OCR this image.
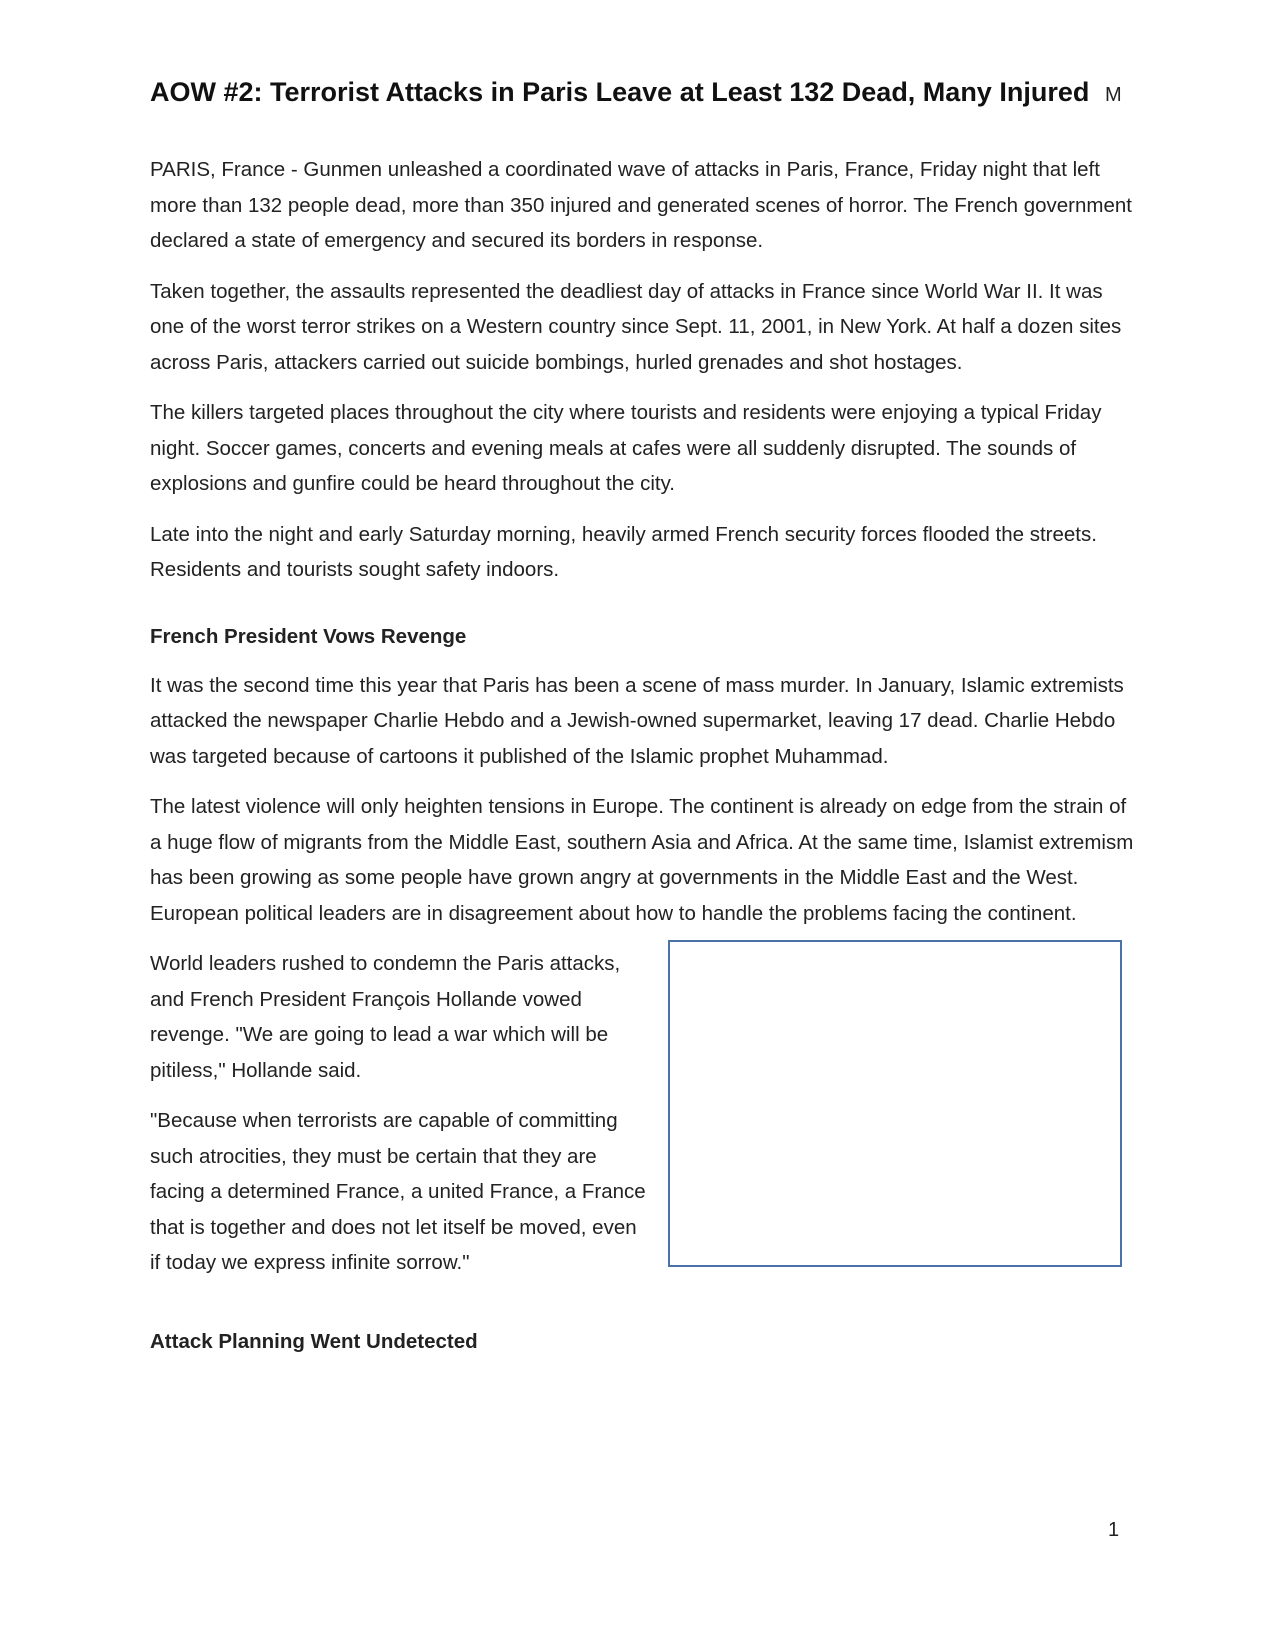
AOW #2: Terrorist Attacks in Paris Leave at Least 132 Dead, Many Injured M

PARIS, France - Gunmen unleashed a coordinated wave of attacks in Paris, France, Friday night that left more than 132 people dead, more than 350 injured and generated scenes of horror. The French government declared a state of emergency and secured its borders in response.

Taken together, the assaults represented the deadliest day of attacks in France since World War II. It was one of the worst terror strikes on a Western country since Sept. 11, 2001, in New York. At half a dozen sites across Paris, attackers carried out suicide bombings, hurled grenades and shot hostages.

The killers targeted places throughout the city where tourists and residents were enjoying a typical Friday night. Soccer games, concerts and evening meals at cafes were all suddenly disrupted. The sounds of explosions and gunfire could be heard throughout the city.

Late into the night and early Saturday morning, heavily armed French security forces flooded the streets. Residents and tourists sought safety indoors.

French President Vows Revenge

It was the second time this year that Paris has been a scene of mass murder. In January, Islamic extremists attacked the newspaper Charlie Hebdo and a Jewish-owned supermarket, leaving 17 dead. Charlie Hebdo was targeted because of cartoons it published of the Islamic prophet Muhammad.

The latest violence will only heighten tensions in Europe. The continent is already on edge from the strain of a huge flow of migrants from the Middle East, southern Asia and Africa. At the same time, Islamist extremism has been growing as some people have grown angry at governments in the Middle East and the West. European political leaders are in disagreement about how to handle the problems facing the continent.

World leaders rushed to condemn the Paris attacks, and French President François Hollande vowed revenge. "We are going to lead a war which will be pitiless," Hollande said.

"Because when terrorists are capable of committing such atrocities, they must be certain that they are facing a determined France, a united France, a France that is together and does not let itself be moved, even if today we express infinite sorrow."

Attack Planning Went Undetected
1
